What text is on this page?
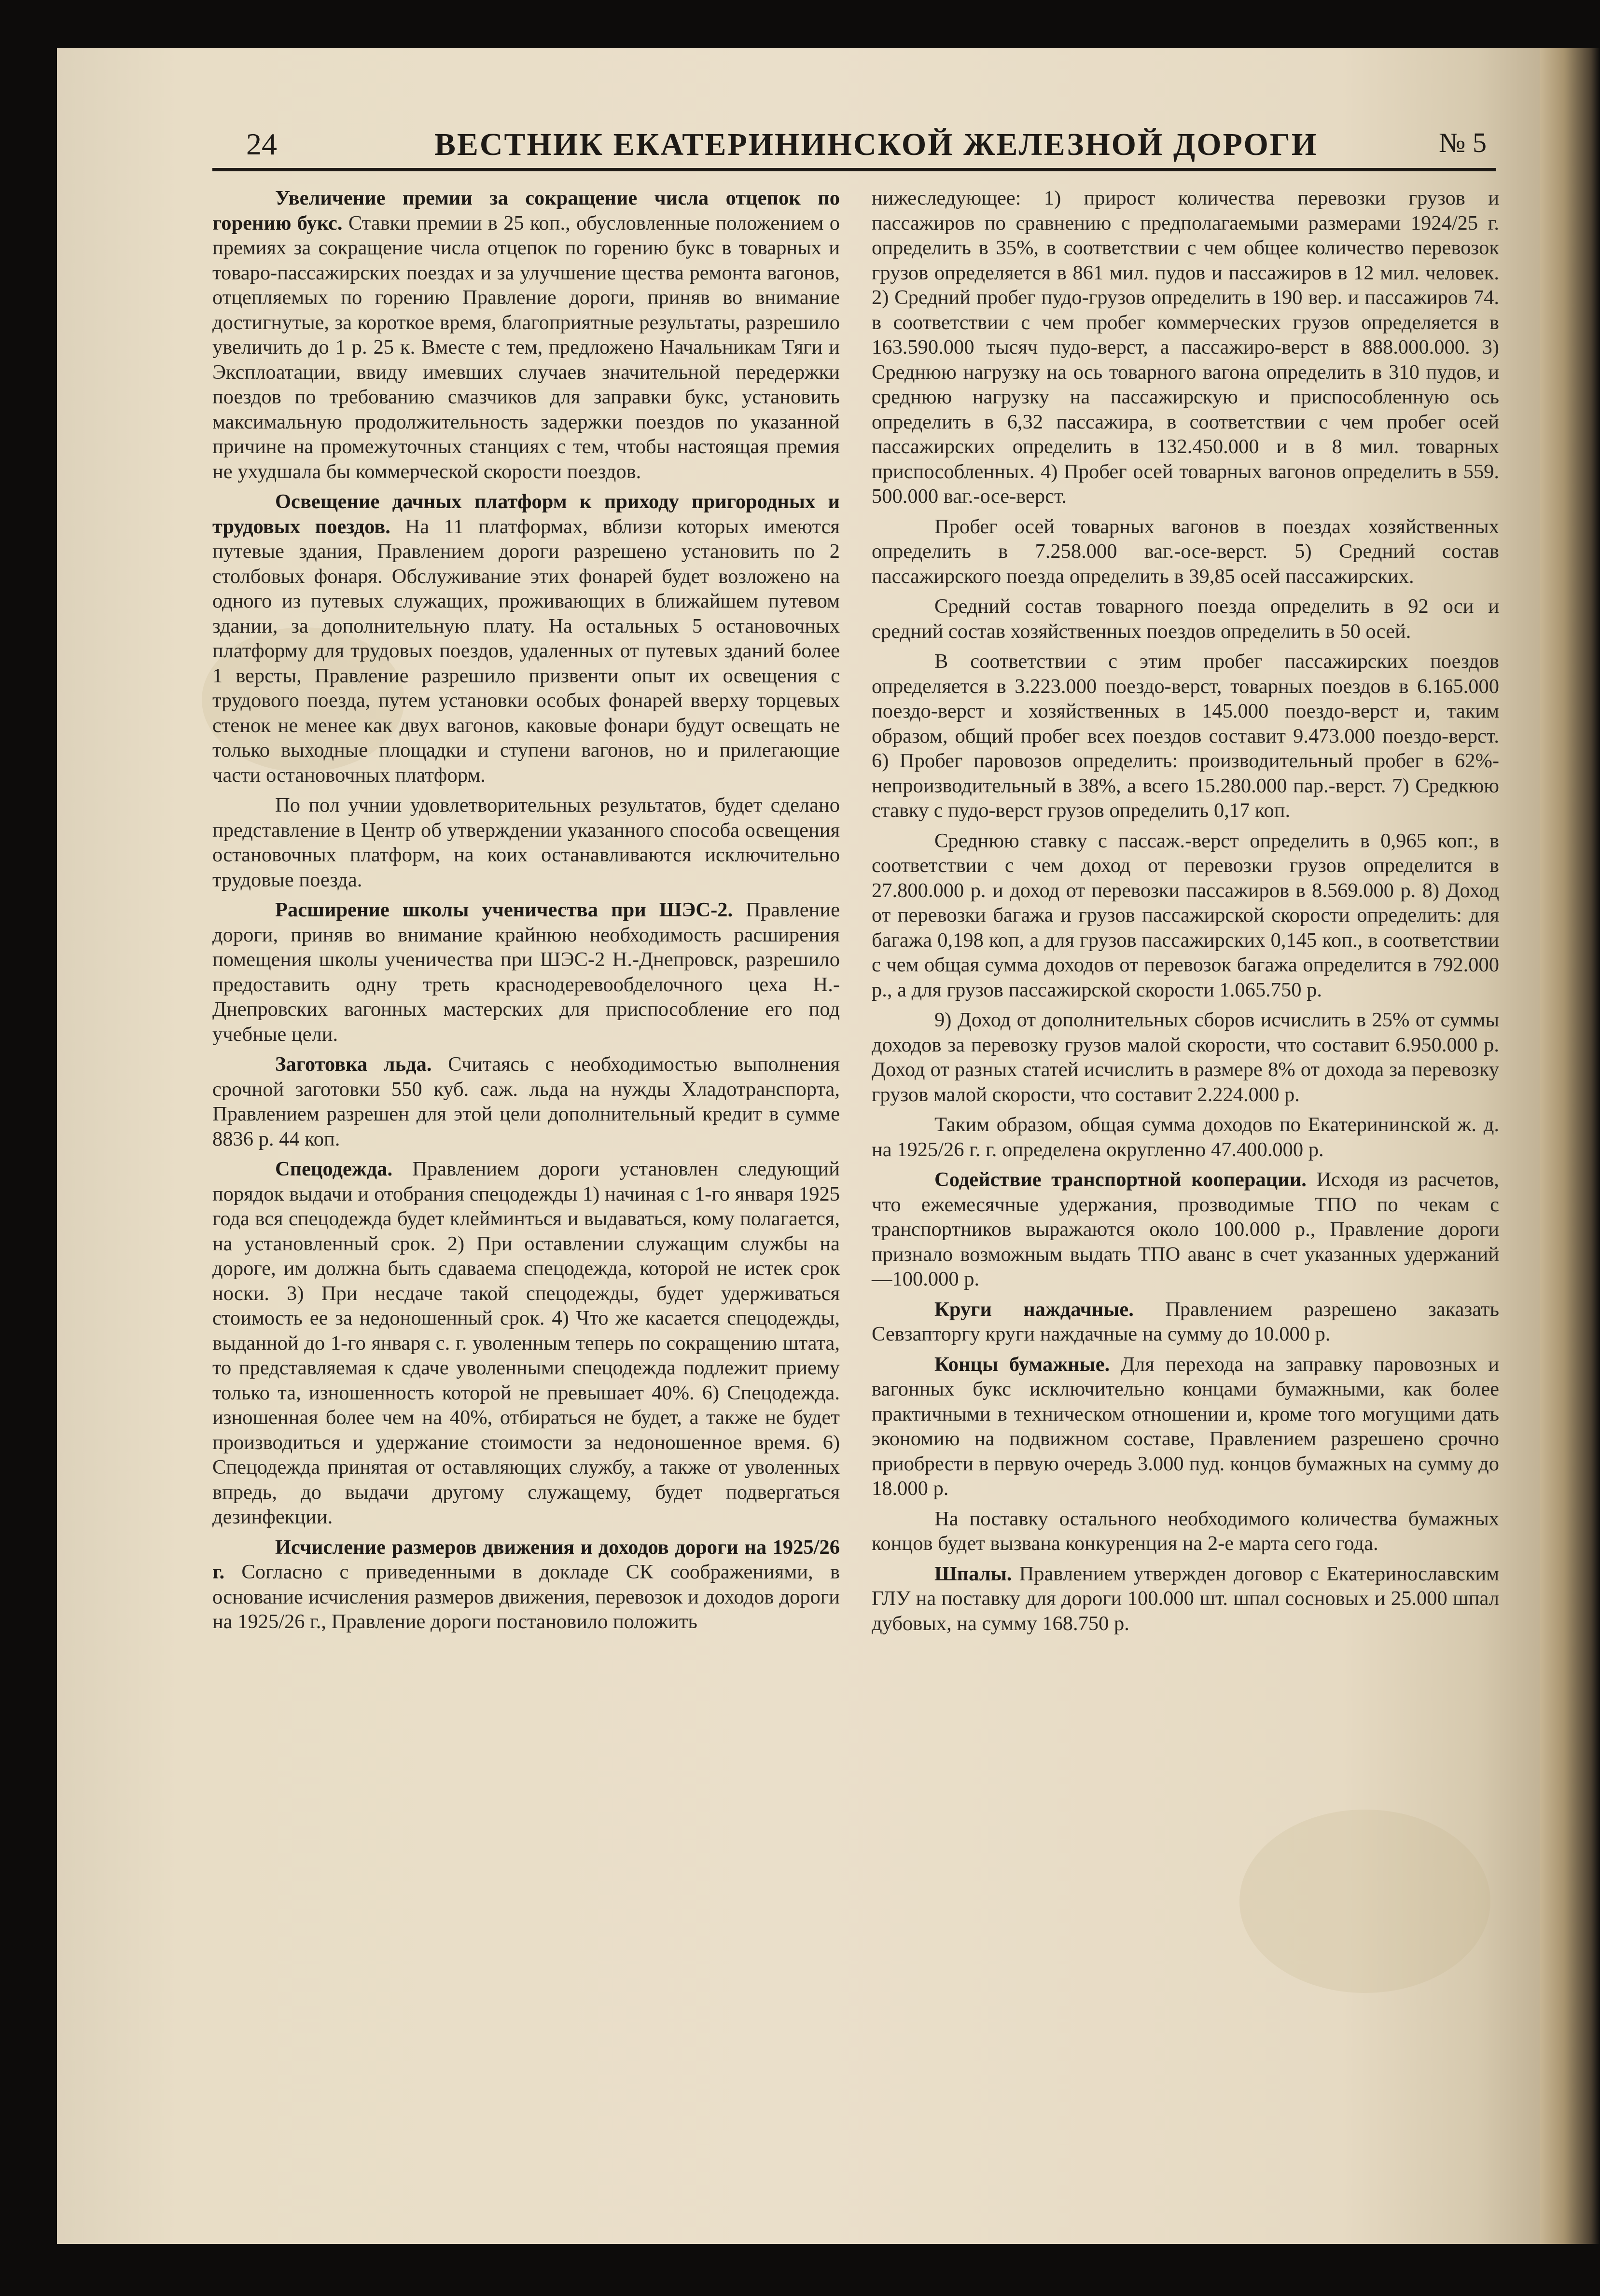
24	ВЕСТНИК ЕКАТЕРИНИНСКОЙ ЖЕЛЕЗНОЙ ДОРОГИ	№ 5

Увеличение премии за сокращение числа отцепок по горению букс. Ставки премии в 25 коп., обусловленные положением о премиях за сокращение числа отцепок по горению букс в товарных и товаро-пассажирских поездах и за улучшение щества ремонта вагонов, отцепляемых по горению Правление дороги, приняв во внимание достигнутые, за короткое время, благоприятные результаты, разрешило увеличить до 1 р. 25 к. Вместе с тем, предложено Начальникам Тяги и Эксплоатации, ввиду имевших случаев значительной передержки поездов по требованию смазчиков для заправки букс, установить максимальную продолжительность задержки поездов по указанной причине на промежуточных станциях с тем, чтобы настоящая премия не ухудшала бы коммерческой скорости поездов.

Освещение дачных платформ к приходу пригородных и трудовых поездов. На 11 платформах, вблизи которых имеются путевые здания, Правлением дороги разрешено установить по 2 столбовых фонаря. Обслуживание этих фонарей будет возложено на одного из путевых служащих, проживающих в ближайшем путевом здании, за дополнительную плату. На остальных 5 остановочных платформу для трудовых поездов, удаленных от путевых зданий более 1 версты, Правление разрешило призвенти опыт их освещения с трудового поезда, путем установки особых фонарей вверху торцевых стенок не менее как двух вагонов, каковые фонари будут освещать не только выходные площадки и ступени вагонов, но и прилегающие части остановочных платформ.

По пол учнии удовлетворительных результатов, будет сделано представление в Центр об утверждении указанного способа освещения остановочных платформ, на коих останавливаются исключительно трудовые поезда.

Расширение школы ученичества при ШЭС-2. Правление дороги, приняв во внимание крайнюю необходимость расширения помещения школы ученичества при ШЭС-2 Н.-Днепровск, разрешило предоставить одну треть краснодеревообделочного цеха Н.-Днепровских вагонных мастерских для приспособление его под учебные цели.

Заготовка льда. Считаясь с необходимостью выполнения срочной заготовки 550 куб. саж. льда на нужды Хладотранспорта, Правлением разрешен для этой цели дополнительный кредит в сумме 8836 р. 44 коп.

Спецодежда. Правлением дороги установлен следующий порядок выдачи и отобрания спецодежды 1) начиная с 1-го января 1925 года вся спецодежда будет клейминться и выдаваться, кому полагается, на установленный срок. 2) При оставлении служащим службы на дороге, им должна быть сдаваема спецодежда, которой не истек срок носки. 3) При несдаче такой спецодежды, будет удерживаться стоимость ее за недоношенный срок. 4) Что же касается спецодежды, выданной до 1-го января с. г. уволенным теперь по сокращению штата, то представляемая к сдаче уволенными спецодежда подлежит приему только та, изношенность которой не превышает 40%. 6) Спецодежда. изношенная более чем на 40%, отбираться не будет, а также не будет производиться и удержание стоимости за недоношенное время. 6) Спецодежда принятая от оставляющих службу, а также от уволенных впредь, до выдачи другому служащему, будет подвергаться дезинфекции.

Исчисление размеров движения и доходов дороги на 1925/26 г. Согласно с приведенными в докладе СК соображениями, в основание исчисления размеров движения, перевозок и доходов дороги на 1925/26 г., Правление дороги постановило положить

нижеследующее: 1) прирост количества перевозки грузов и пассажиров по сравнению с предполагаемыми размерами 1924/25 г. определить в 35%, в соответствии с чем общее количество перевозок грузов определяется в 861 мил. пудов и пассажиров в 12 мил. человек. 2) Средний пробег пудо-грузов определить в 190 вер. и пассажиров 74. в соответствии с чем пробег коммерческих грузов определяется в 163.590.000 тысяч пудо-верст, а пассажиро-верст в 888.000.000. 3) Среднюю нагрузку на ось товарного вагона определить в 310 пудов, и среднюю нагрузку на пассажирскую и приспособленную ось определить в 6,32 пассажира, в соответствии с чем пробег осей пассажирских определить в 132.450.000 и в 8 мил. товарных приспособленных. 4) Пробег осей товарных вагонов определить в 559. 500.000 ваг.-осе-верст.

Пробег осей товарных вагонов в поездах хозяйственных определить в 7.258.000 ваг.-осе-верст. 5) Средний состав пассажирского поезда определить в 39,85 осей пассажирских.

Средний состав товарного поезда определить в 92 оси и средний состав хозяйственных поездов определить в 50 осей.

В соответствии с этим пробег пассажирских поездов определяется в 3.223.000 поездо-верст, товарных поездов в 6.165.000 поездо-верст и хозяйственных в 145.000 поездо-верст и, таким образом, общий пробег всех поездов составит 9.473.000 поездо-верст. 6) Пробег паровозов определить: производительный пробег в 62%-непроизводительный в 38%, а всего 15.280.000 пар.-верст. 7) Средкюю ставку с пудо-верст грузов определить 0,17 коп.

Среднюю ставку с пассаж.-верст определить в 0,965 коп:, в соответствии с чем доход от перевозки грузов определится в 27.800.000 р. и доход от перевозки пассажиров в 8.569.000 р. 8) Доход от перевозки багажа и грузов пассажирской скорости определить: для багажа 0,198 коп, а для грузов пассажирских 0,145 коп., в соответствии с чем общая сумма доходов от перевозок багажа определится в 792.000 р., а для грузов пассажирской скорости 1.065.750 р.

9) Доход от дополнительных сборов исчислить в 25% от суммы доходов за перевозку грузов малой скорости, что составит 6.950.000 р. Доход от разных статей исчислить в размере 8% от дохода за перевозку грузов малой скорости, что составит 2.224.000 р.

Таким образом, общая сумма доходов по Екатерининской ж. д. на 1925/26 г. г. определена округленно 47.400.000 р.

Содействие транспортной кооперации. Исходя из расчетов, что ежемесячные удержания, прозводимые ТПО по чекам с транспортников выражаются около 100.000 р., Правление дороги признало возможным выдать ТПО аванс в счет указанных удержаний—100.000 р.

Круги наждачные. Правлением разрешено заказать Севзапторгу круги наждачные на сумму до 10.000 р.

Концы бумажные. Для перехода на заправку паровозных и вагонных букс исключительно концами бумажными, как более практичными в техническом отношении и, кроме того могущими дать экономию на подвижном составе, Правлением разрешено срочно приобрести в первую очередь 3.000 пуд. концов бумажных на сумму до 18.000 р.

На поставку остального необходимого количества бумажных концов будет вызвана конкуренция на 2-е марта сего года.

Шпалы. Правлением утвержден договор с Екатеринославским ГЛУ на поставку для дороги 100.000 шт. шпал сосновых и 25.000 шпал дубовых, на сумму 168.750 р.
